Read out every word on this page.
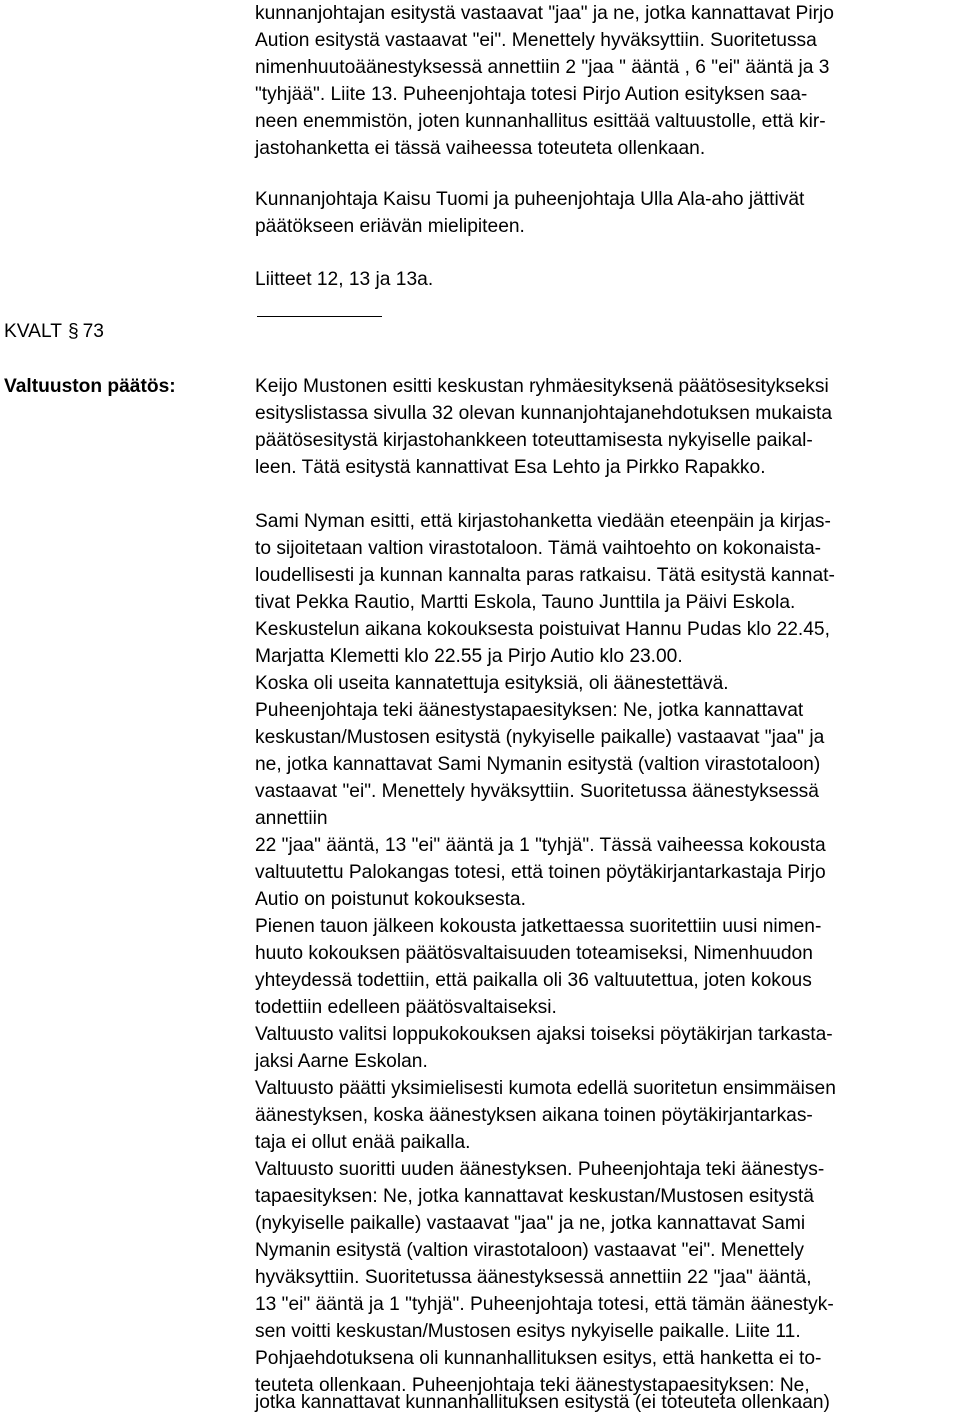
kunnanjohtajan esitystä vastaavat "jaa" ja ne, jotka kannattavat Pirjo
Aution esitystä vastaavat "ei". Menettely hyväksyttiin. Suoritetussa
nimenhuutoäänestyksessä annettiin 2 "jaa " ääntä , 6 "ei" ääntä ja 3
"tyhjää". Liite 13. Puheenjohtaja totesi Pirjo Aution esityksen saa-
neen enemmistön, joten kunnanhallitus esittää valtuustolle, että kir-
jastohanketta ei tässä vaiheessa toteuteta ollenkaan.
Kunnanjohtaja Kaisu Tuomi ja puheenjohtaja Ulla Ala-aho jättivät
päätökseen eriävän mielipiteen.
Liitteet 12, 13 ja 13a.
KVALT § 73
Valtuuston päätös:	Keijo Mustonen esitti keskustan ryhmäesityksenä päätösesitykseksi
esityslistassa sivulla 32 olevan kunnanjohtajanehdotuksen mukaista
päätösesitystä kirjastohankkeen toteuttamisesta nykyiselle paikal-
leen. Tätä esitystä kannattivat Esa Lehto ja Pirkko Rapakko.
Sami Nyman esitti, että kirjastohanketta viedään eteenpäin ja kirjas-
to sijoitetaan valtion virastotaloon. Tämä vaihtoehto on kokonaista-
loudellisesti ja kunnan kannalta paras ratkaisu. Tätä esitystä kannat-
tivat Pekka Rautio, Martti Eskola, Tauno Junttila ja Päivi Eskola.
Keskustelun aikana kokouksesta poistuivat Hannu Pudas klo 22.45,
Marjatta Klemetti klo 22.55 ja Pirjo Autio klo 23.00.
Koska oli useita kannatettuja esityksiä, oli äänestettävä.
Puheenjohtaja teki äänestystapaesityksen: Ne, jotka kannattavat
keskustan/Mustosen esitystä (nykyiselle paikalle) vastaavat "jaa" ja
ne, jotka kannattavat Sami Nymanin esitystä (valtion virastotaloon)
vastaavat "ei". Menettely hyväksyttiin. Suoritetussa äänestyksessä
annettiin
22 "jaa" ääntä, 13 "ei" ääntä ja 1 "tyhjä". Tässä vaiheessa kokousta
valtuutettu Palokangas totesi, että toinen pöytäkirjantarkastaja Pirjo
Autio on poistunut kokouksesta.
Pienen tauon jälkeen kokousta jatkettaessa suoritettiin uusi nimen-
huuto kokouksen päätösvaltaisuuden toteamiseksi, Nimenhuudon
yhteydessä todettiin, että paikalla oli 36 valtuutettua, joten kokous
todettiin edelleen päätösvaltaiseksi.
Valtuusto valitsi loppukokouksen ajaksi toiseksi pöytäkirjan tarkasta-
jaksi Aarne Eskolan.
Valtuusto päätti yksimielisesti kumota edellä suoritetun ensimmäisen
äänestyksen, koska äänestyksen aikana toinen pöytäkirjantarkas-
taja ei ollut enää paikalla.
Valtuusto suoritti uuden äänestyksen. Puheenjohtaja teki äänestys-
tapaesityksen: Ne, jotka kannattavat keskustan/Mustosen esitystä
(nykyiselle paikalle) vastaavat "jaa" ja ne, jotka kannattavat Sami
Nymanin esitystä (valtion virastotaloon) vastaavat "ei". Menettely
hyväksyttiin. Suoritetussa äänestyksessä annettiin 22 "jaa" ääntä,
13 "ei" ääntä ja 1 "tyhjä". Puheenjohtaja totesi, että tämän äänestyk-
sen voitti keskustan/Mustosen esitys nykyiselle paikalle. Liite 11.
Pohjaehdotuksena oli kunnanhallituksen esitys, että hanketta ei to-
teuteta ollenkaan. Puheenjohtaja teki äänestystapaesityksen: Ne,
jotka kannattavat kunnanhallituksen esitystä (ei toteuteta ollenkaan)
